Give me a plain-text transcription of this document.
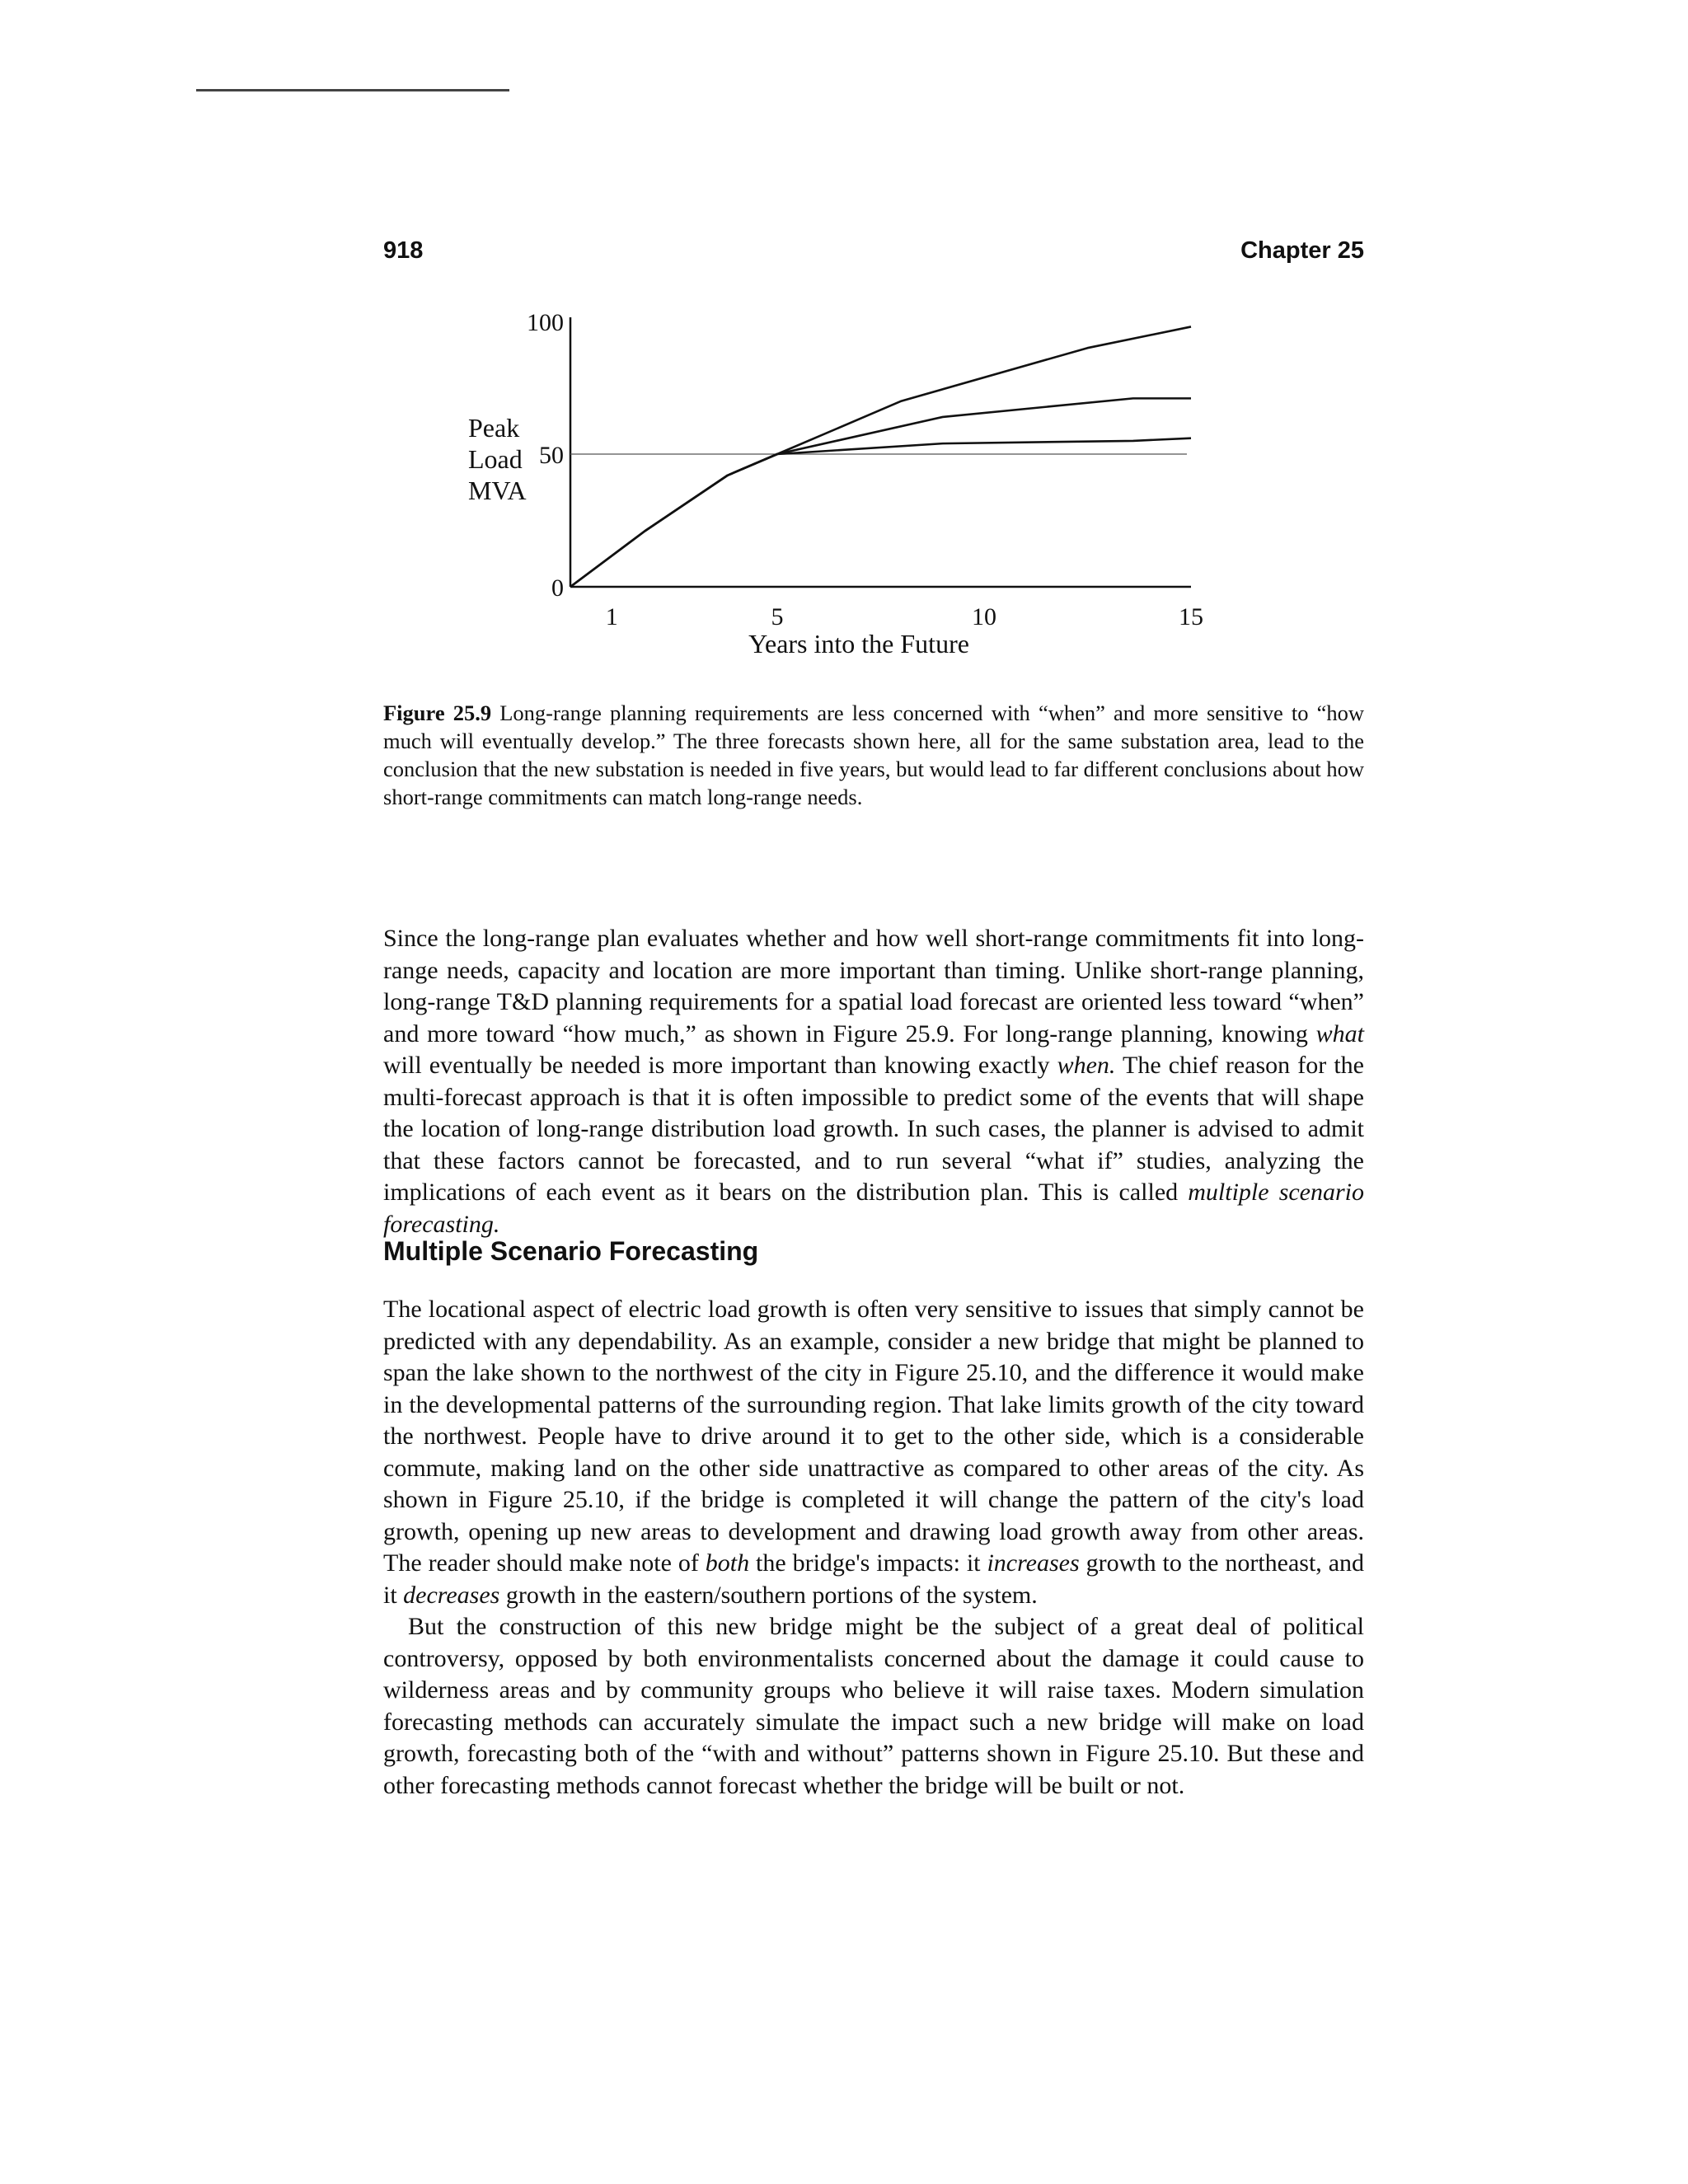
918	Chapter 25
Peak
Load
MVA
0
50
100
1	5	10	15
Years into the Future

Figure 25.9 Long-range planning requirements are less concerned with “when” and more sensitive to “how much will eventually develop.” The three forecasts shown here, all for the same substation area, lead to the conclusion that the new substation is needed in five years, but would lead to far different conclusions about how short-range commitments can match long-range needs.

Since the long-range plan evaluates whether and how well short-range commitments fit into long-range needs, capacity and location are more important than timing. Unlike short-range planning, long-range T&D planning requirements for a spatial load forecast are oriented less toward “when” and more toward “how much,” as shown in Figure 25.9. For long-range planning, knowing what will eventually be needed is more important than knowing exactly when. The chief reason for the multi-forecast approach is that it is often impossible to predict some of the events that will shape the location of long-range distribution load growth. In such cases, the planner is advised to admit that these factors cannot be forecasted, and to run several “what if” studies, analyzing the implications of each event as it bears on the distribution plan. This is called multiple scenario forecasting.

Multiple Scenario Forecasting

The locational aspect of electric load growth is often very sensitive to issues that simply cannot be predicted with any dependability. As an example, consider a new bridge that might be planned to span the lake shown to the northwest of the city in Figure 25.10, and the difference it would make in the developmental patterns of the surrounding region. That lake limits growth of the city toward the northwest. People have to drive around it to get to the other side, which is a considerable commute, making land on the other side unattractive as compared to other areas of the city. As shown in Figure 25.10, if the bridge is completed it will change the pattern of the city's load growth, opening up new areas to development and drawing load growth away from other areas. The reader should make note of both the bridge's impacts: it increases growth to the northeast, and it decreases growth in the eastern/southern portions of the system.

But the construction of this new bridge might be the subject of a great deal of political controversy, opposed by both environmentalists concerned about the damage it could cause to wilderness areas and by community groups who believe it will raise taxes. Modern simulation forecasting methods can accurately simulate the impact such a new bridge will make on load growth, forecasting both of the “with and without” patterns shown in Figure 25.10. But these and other forecasting methods cannot forecast whether the bridge will be built or not.
